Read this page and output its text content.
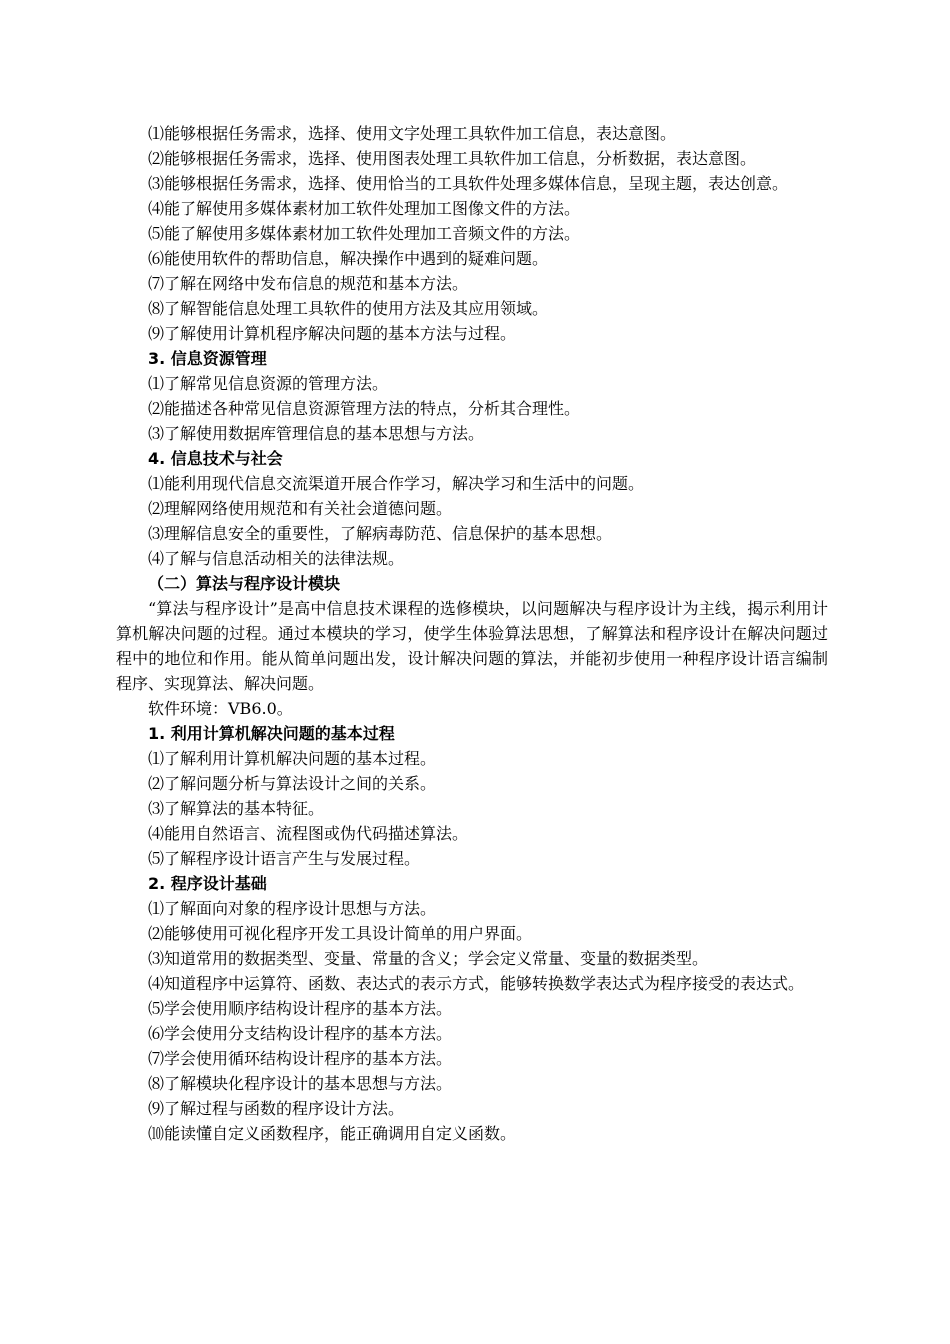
⑴能够根据任务需求，选择、使用文字处理工具软件加工信息，表达意图。

⑵能够根据任务需求，选择、使用图表处理工具软件加工信息，分析数据，表达意图。

⑶能够根据任务需求，选择、使用恰当的工具软件处理多媒体信息，呈现主题，表达创意。

⑷能了解使用多媒体素材加工软件处理加工图像文件的方法。

⑸能了解使用多媒体素材加工软件处理加工音频文件的方法。

⑹能使用软件的帮助信息，解决操作中遇到的疑难问题。

⑺了解在网络中发布信息的规范和基本方法。

⑻了解智能信息处理工具软件的使用方法及其应用领域。

⑼了解使用计算机程序解决问题的基本方法与过程。

3. 信息资源管理

⑴了解常见信息资源的管理方法。

⑵能描述各种常见信息资源管理方法的特点，分析其合理性。

⑶了解使用数据库管理信息的基本思想与方法。

4. 信息技术与社会

⑴能利用现代信息交流渠道开展合作学习，解决学习和生活中的问题。

⑵理解网络使用规范和有关社会道德问题。

⑶理解信息安全的重要性，了解病毒防范、信息保护的基本思想。

⑷了解与信息活动相关的法律法规。

（二）算法与程序设计模块

“算法与程序设计”是高中信息技术课程的选修模块，以问题解决与程序设计为主线，揭示利用计算机解决问题的过程。通过本模块的学习，使学生体验算法思想，了解算法和程序设计在解决问题过程中的地位和作用。能从简单问题出发，设计解决问题的算法，并能初步使用一种程序设计语言编制程序、实现算法、解决问题。

软件环境：VB6.0。

1. 利用计算机解决问题的基本过程

⑴了解利用计算机解决问题的基本过程。

⑵了解问题分析与算法设计之间的关系。

⑶了解算法的基本特征。

⑷能用自然语言、流程图或伪代码描述算法。

⑸了解程序设计语言产生与发展过程。

2. 程序设计基础

⑴了解面向对象的程序设计思想与方法。

⑵能够使用可视化程序开发工具设计简单的用户界面。

⑶知道常用的数据类型、变量、常量的含义；学会定义常量、变量的数据类型。

⑷知道程序中运算符、函数、表达式的表示方式，能够转换数学表达式为程序接受的表达式。

⑸学会使用顺序结构设计程序的基本方法。

⑹学会使用分支结构设计程序的基本方法。

⑺学会使用循环结构设计程序的基本方法。

⑻了解模块化程序设计的基本思想与方法。

⑼了解过程与函数的程序设计方法。

⑽能读懂自定义函数程序，能正确调用自定义函数。
